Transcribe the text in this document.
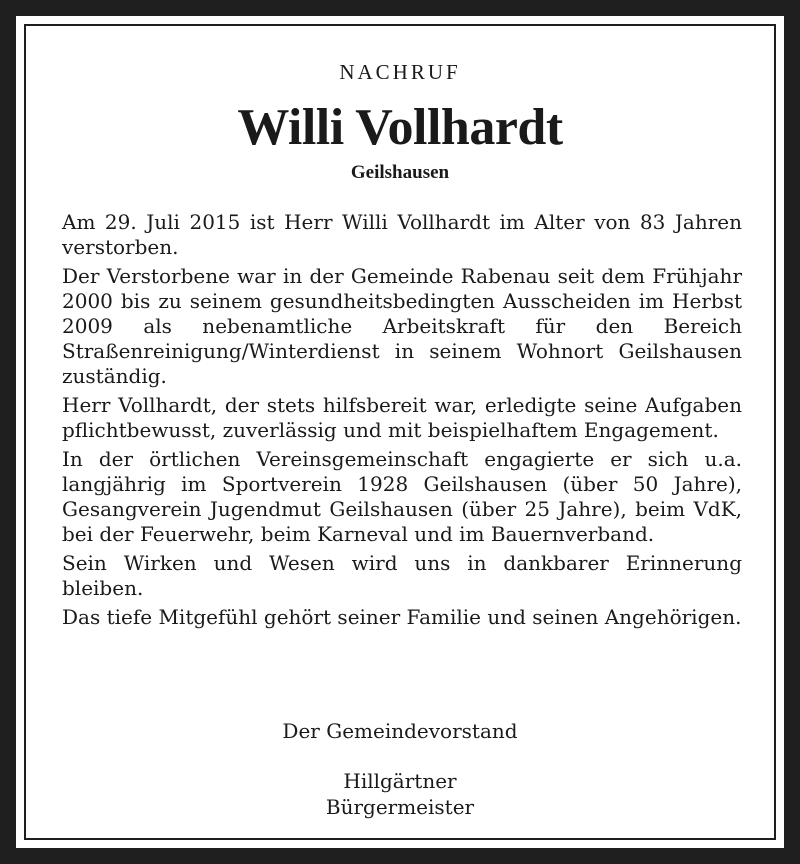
NACHRUF
Willi Vollhardt
Geilshausen

Am 29. Juli 2015 ist Herr Willi Vollhardt im Alter von 83 Jahren verstorben.

Der Verstorbene war in der Gemeinde Rabenau seit dem Frühjahr 2000 bis zu seinem gesundheitsbedingten Ausscheiden im Herbst 2009 als nebenamtliche Arbeitskraft für den Bereich Straßenreinigung/Winterdienst in seinem Wohnort Geilshausen zuständig.

Herr Vollhardt, der stets hilfsbereit war, erledigte seine Aufgaben pflichtbewusst, zuverlässig und mit beispielhaftem Engagement.

In der örtlichen Vereinsgemeinschaft engagierte er sich u.a. langjährig im Sportverein 1928 Geilshausen (über 50 Jahre), Gesangverein Jugendmut Geilshausen (über 25 Jahre), beim VdK, bei der Feuerwehr, beim Karneval und im Bauernverband.

Sein Wirken und Wesen wird uns in dankbarer Erinnerung bleiben.

Das tiefe Mitgefühl gehört seiner Familie und seinen Angehörigen.

Der Gemeindevorstand
Hillgärtner
Bürgermeister
